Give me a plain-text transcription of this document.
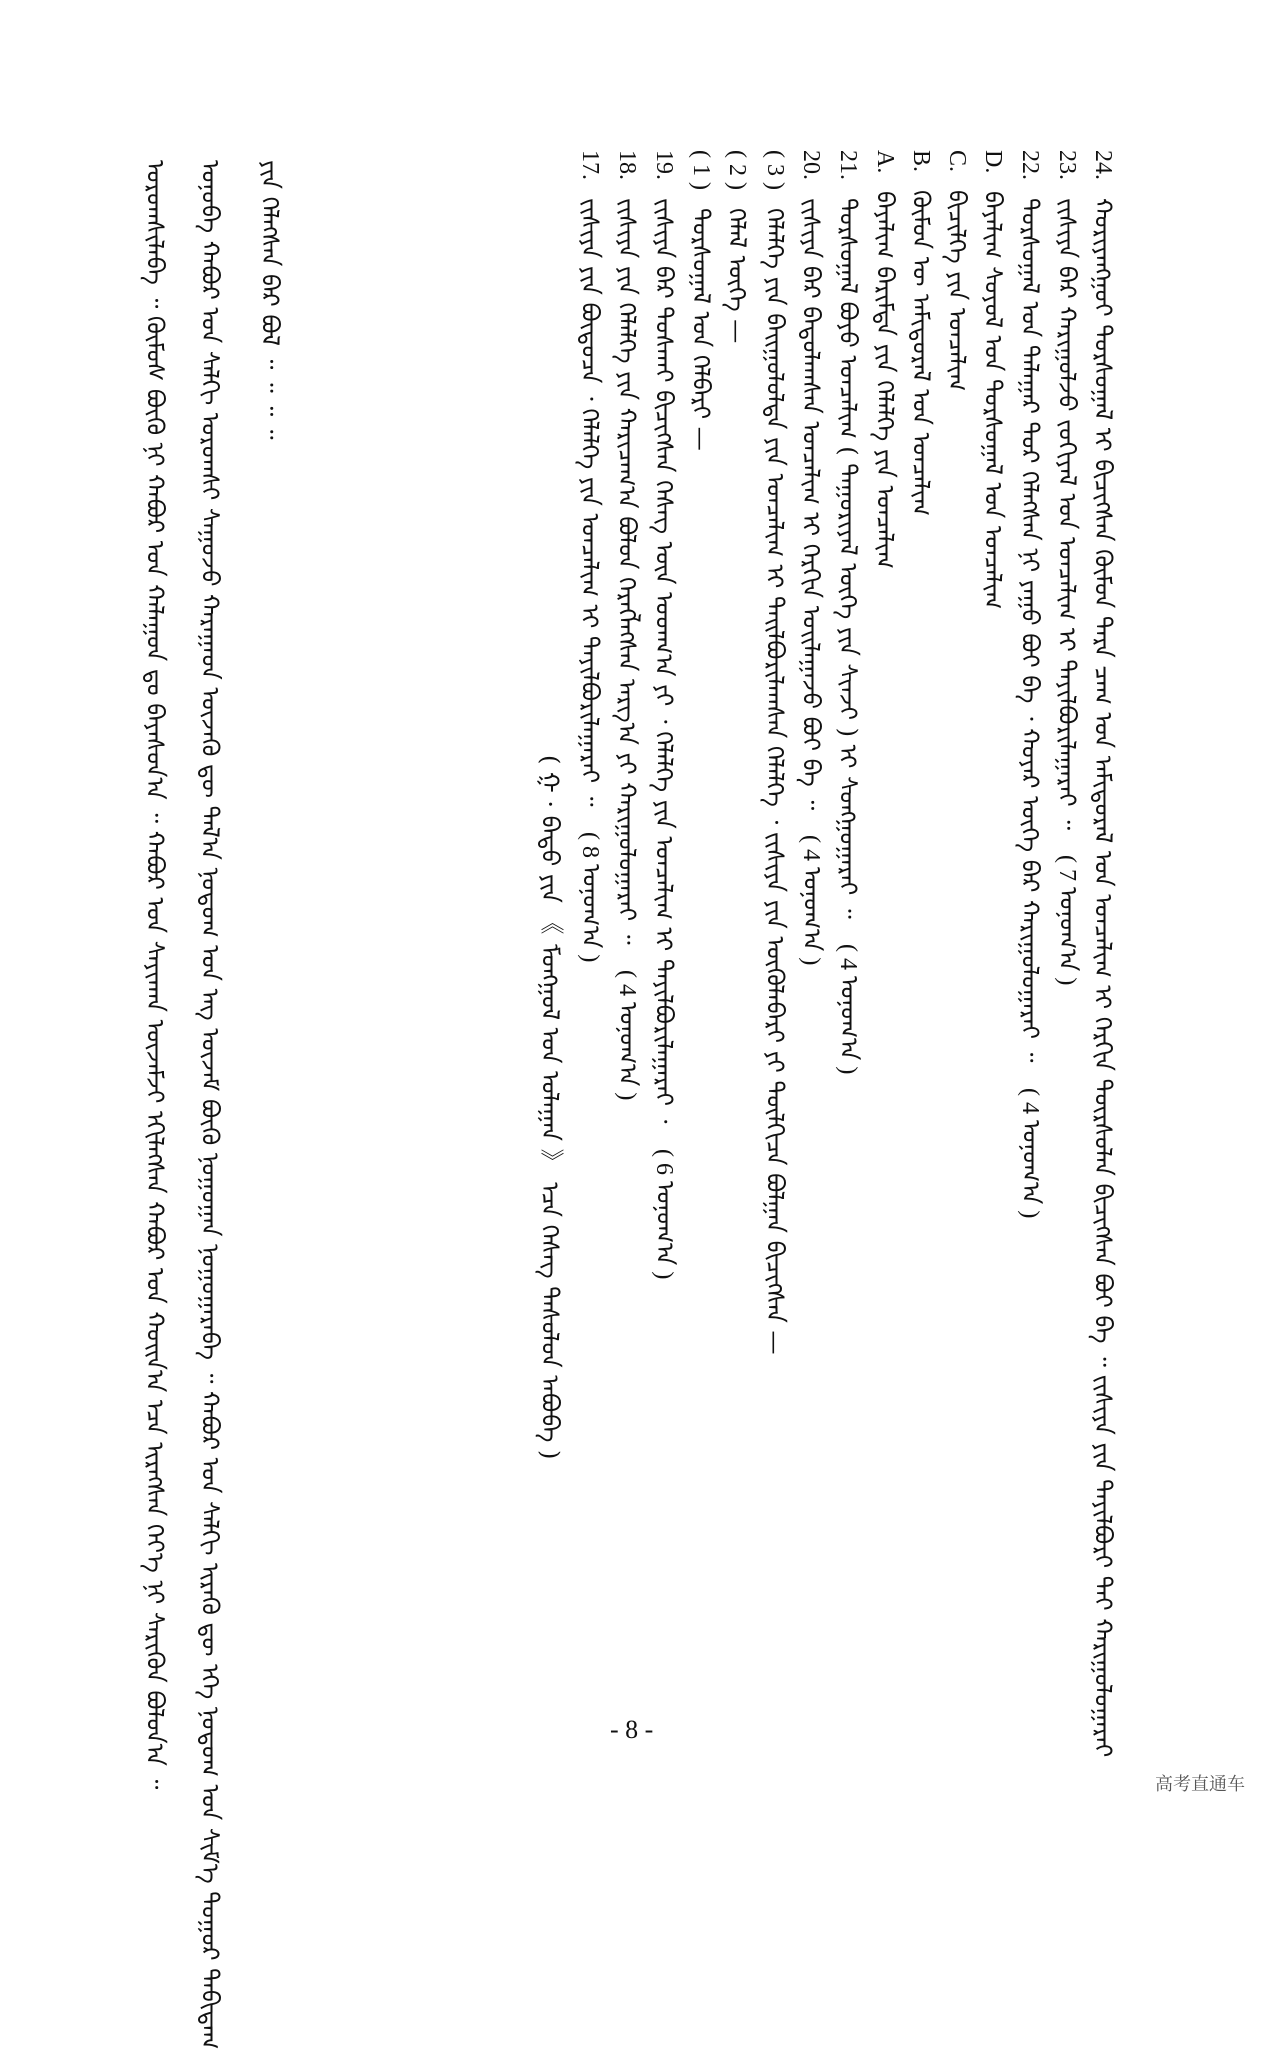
24. ᠬᠤᠷᠢᠶᠠᠩᠭᠤᠢ ᠳᠤᠷᠰᠤᠭᠠᠯ ᠢ ᠪᠢᠴᠢᠭᠰᠡᠨ ᠬᠦᠮᠦᠨ ᠲᠡᠷᠡ ᠴᠠᠭ ᠤᠨ ᠠᠮᠢᠳᠤᠷᠠᠯ ᠤᠨ ᠤᠨᠴᠠᠯᠢᠭ ᠢ ᠬᠡᠷᠬᠢᠨ ᠳᠦᠷᠰᠦᠯᠡᠨ ᠪᠢᠴᠢᠭᠰᠡᠨ ᠪᠤᠢ ᠪᠡ ᠃ ᠵᠢᠱᠢᠶᠡ ᠶᠢᠨ ᠲᠠᠶᠢᠯᠪᠤᠷᠢ ᠲᠠᠢ ᠬᠠᠷᠢᠭᠤᠯᠤᠭᠠᠷᠠᠢ
23. ᠵᠢᠱᠢᠶᠡ ᠪᠡᠷ ᠬᠠᠷᠢᠭᠤᠯᠵᠤ ᠵᠤᠬᠢᠶᠠᠯ ᠤᠨ ᠤᠨᠴᠠᠯᠢᠭ ᠢ ᠲᠠᠶᠢᠯᠪᠤᠷᠢᠯᠠᠭᠠᠷᠠᠢ ᠃ ( 7 ᠣᠨᠤᠭ᠎ᠠ )
22. ᠳᠤᠷᠰᠤᠭᠠᠯ ᠤᠨ ᠲᠠᠯᠠᠭᠠᠷ ᠳᠤᠷ ᠬᠡᠯᠡᠭᠰᠡᠨ ᠨᠢ ᠶᠠᠭᠤ ᠪᠤᠢ ᠪᠡ ᠂ ᠬᠣᠶᠠᠷ ᠦᠭᠡ ᠪᠡᠷ ᠬᠠᠷᠢᠭᠤᠯᠤᠭᠠᠷᠠᠢ ᠃ ( 4 ᠣᠨᠤᠭ᠎ᠠ )
D. ᠪᠠᠶᠠᠯᠢᠭ ᠰᠣᠶᠣᠯ ᠤᠨ ᠳᠤᠷᠰᠤᠭᠠᠯ ᠤᠨ ᠤᠨᠴᠠᠯᠢᠭ
C. ᠪᠢᠴᠢᠯᠭᠡ ᠶᠢᠨ ᠤᠨᠴᠠᠯᠢᠭ
B. ᠬᠦᠮᠦᠨ ᠦ ᠠᠮᠢᠳᠤᠷᠠᠯ ᠤᠨ ᠤᠨᠴᠠᠯᠢᠭ
A. ᠪᠠᠶᠠᠯᠢᠭ ᠪᠠᠷᠢᠮᠲᠠ ᠶᠢᠨ ᠬᠡᠯᠡᠯᠭᠡ ᠶᠢᠨ ᠤᠨᠴᠠᠯᠢᠭ
21. ᠳᠤᠷᠰᠤᠭᠠᠯ ᠪᠤᠶᠤ ᠤᠨᠴᠠᠯᠢᠭ ( ᠳᠠᠭᠤᠷᠢᠶᠠᠯ ᠦᠭᠡ ᠶᠢᠨ ᠰᠢᠨᠵᠢ ) ᠢ ᠰᠣᠩᠭᠣᠭᠠᠷᠠᠢ ᠃ ( 4 ᠣᠨᠤᠭ᠎ᠠ )
20. ᠵᠢᠱᠢᠶᠡ ᠪᠡᠷ ᠪᠠᠲᠤᠯᠠᠭᠰᠠᠨ ᠤᠨᠴᠠᠯᠢᠭ ᠢ ᠬᠡᠷᠬᠢᠨ ᠣᠢᠯᠠᠭᠠᠵᠤ ᠪᠤᠢ ᠪᠡ ᠃ ( 4 ᠣᠨᠤᠭ᠎ᠠ )
( 3 ) ᠬᠡᠯᠡᠯᠭᠡ ᠶᠢᠨ ᠪᠠᠢᠭᠤᠯᠤᠯᠲᠠ ᠶᠢᠨ ᠤᠨᠴᠠᠯᠢᠭ ᠢ ᠲᠠᠢᠯᠪᠤᠷᠢᠯᠠᠭᠰᠠᠨ ᠬᠡᠯᠡᠯᠭᠡ ᠂ ᠵᠢᠱᠢᠶᠡ ᠶᠢᠨ ᠦᠭᠦᠯᠡᠪᠡᠷᠢ ᠶᠢ ᠲᠦᠯᠬᠢᠴᠡ ᠪᠤᠯᠭᠠᠨ ᠪᠢᠴᠢᠭᠰᠡᠨ —
( 2 ) ᠬᠡᠯᠡᠯ ᠦᠭᠡ —
( 1 ) ᠳᠤᠷᠰᠤᠭᠠᠯ ᠤᠨ ᠬᠡᠯᠪᠡᠷᠢ —
19. ᠵᠢᠱᠢᠶᠡ ᠪᠡᠷ ᠲᠤᠰᠬᠠᠢ ᠪᠢᠴᠢᠭᠰᠡᠨ ᠬᠡᠰᠡᠭ ᠦᠨ ᠤᠳᠬ᠎ᠠ ᠶᠢ ᠂ ᠬᠡᠯᠡᠯᠭᠡ ᠶᠢᠨ ᠤᠨᠴᠠᠯᠢᠭ ᠢ ᠲᠠᠶᠢᠯᠪᠤᠷᠢᠯᠠᠭᠠᠷᠠᠢ ᠂ ( 6 ᠣᠨᠤᠭ᠎ᠠ )
18. ᠵᠢᠱᠢᠶᠡ ᠶᠢᠨ ᠬᠡᠯᠡᠯᠭᠡ ᠶᠢᠨ ᠬᠠᠷᠢᠴᠠᠭ᠎ᠠ ᠪᠤᠯᠤᠨ ᠬᠡᠷᠡᠭᠯᠡᠭᠰᠡᠨ ᠠᠷᠭ᠎ᠠ ᠶᠢ ᠬᠠᠷᠢᠭᠤᠯᠤᠭᠠᠷᠠᠢ ᠃ ( 4 ᠣᠨᠤᠭ᠎ᠠ )
17. ᠵᠢᠱᠢᠶᠡ ᠶᠢᠨ ᠪᠦᠲᠦᠴᠡ ᠂ ᠬᠡᠯᠡᠯᠭᠡ ᠶᠢᠨ ᠤᠨᠴᠠᠯᠢᠭ ᠢ ᠲᠠᠶᠢᠯᠪᠤᠷᠢᠯᠠᠭᠠᠷᠠᠢ ᠃ ( 8 ᠣᠨᠤᠭ᠎ᠠ )
( ᠭ · ᠪᠠᠲᠤ ᠶᠢᠨ 《 ᠮᠣᠩᠭᠣᠯ ᠤᠨ ᠤᠯᠠᠭᠠᠨ 》 ᠡᠴᠡ ᠬᠡᠰᠡᠭ ᠲᠠᠰᠤᠯᠤᠨ ᠠᠪᠤᠪᠠ )
ᠶᠢᠨ ᠬᠡᠯᠡᠭᠰᠡᠨ ᠪᠡᠷ ᠪᠣᠯ ᠃ ᠃ ᠃ ᠃
ᠤᠨᠤᠪᠠ ᠬᠠᠪᠤᠷ ᠤᠨ ᠰᠠᠯᠬᠢ ᠤᠷᠤᠭᠰᠢ ᠰᠠᠭᠤᠵᠤ ᠬᠠᠷᠠᠭᠠᠳ ᠦᠵᠡᠬᠦ ᠳᠦ ᠲᠠᠯ᠎ᠠ ᠨᠤᠲᠤᠭ ᠤᠨ ᠡᠩ ᠦᠵᠡᠮ ᠪᠦᠬᠦ ᠨᠣᠭᠤᠭᠠᠨ ᠨᠣᠭᠤᠭᠠᠷᠠᠪᠠ ᠃ ᠬᠠᠪᠤᠷ ᠤᠨ ᠰᠠᠯᠬᠢ ᠢᠷᠡᠬᠦ ᠳᠦ ᠡᠬᠡ ᠨᠤᠲᠤᠭ ᠤᠨ ᠰᠢᠮ᠎ᠡ ᠳᠤᠭᠤᠷ ᠲᠠᠪᠢᠳᠠᠭ
ᠤᠷᠤᠭᠰᠢᠯᠠᠪᠠ ᠃ ᠬᠦᠮᠦᠰ ᠪᠦᠬᠦ ᠨᠢ ᠬᠠᠪᠤᠷ ᠤᠨ ᠬᠠᠯᠠᠭᠤᠨ ᠳᠤ ᠪᠠᠶᠠᠰᠤᠨ᠎ᠠ ᠃ ᠬᠠᠪᠤᠷ ᠤᠨ ᠰᠠᠶᠢᠬᠠᠨ ᠦᠵᠡᠮᠵᠢ ᠡᠬᠢᠯᠡᠭᠰᠡᠨ ᠬᠠᠪᠤᠷ ᠤᠨ ᠬᠣᠢᠨ᠎ᠠ ᠡᠴᠡ ᠢᠷᠡᠭᠰᠡᠨ ᠬᠡᠶ᠎ᠡ ᠨᠢ ᠰᠡᠷᠢᠭᠦᠨ ᠪᠤᠯᠤᠨ᠎ᠠ ᠃	- 8 -
高考直通车
